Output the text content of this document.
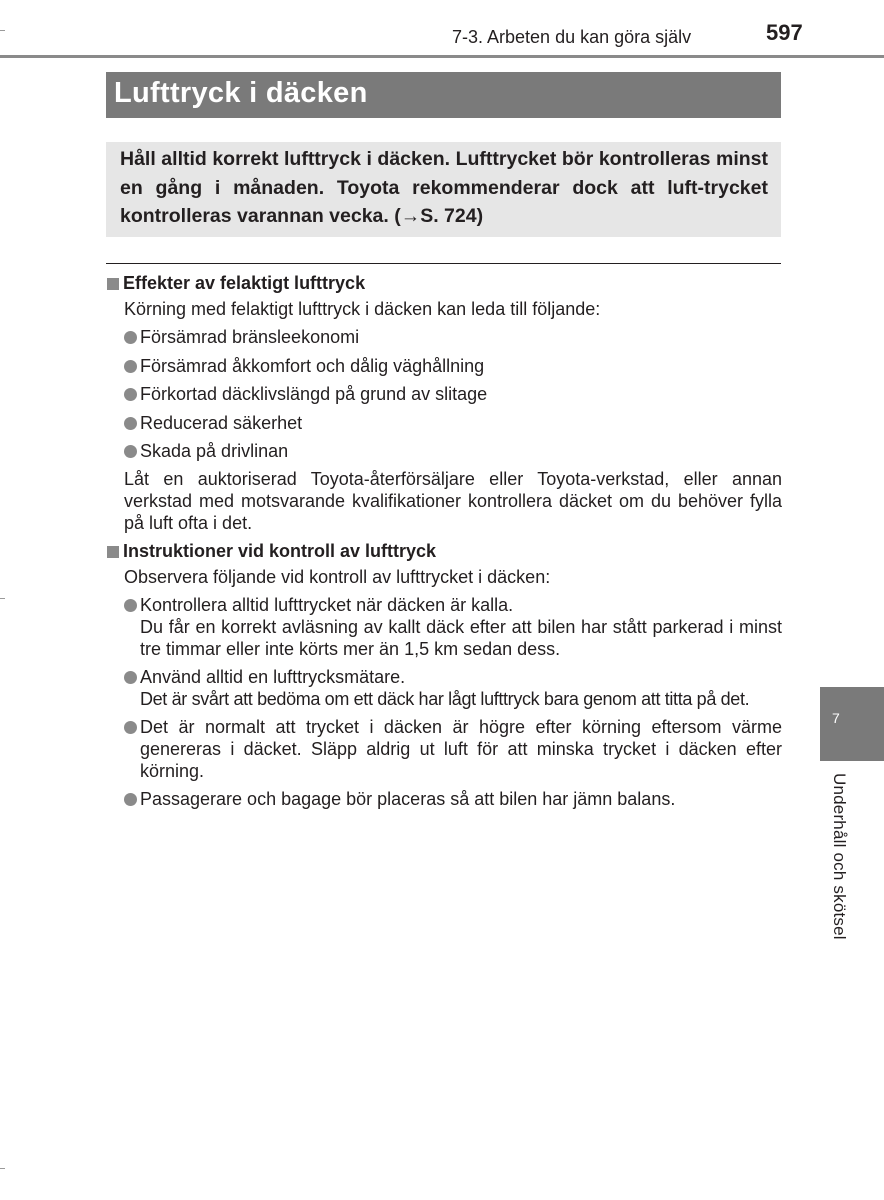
7-3. Arbeten du kan göra själv	597
Lufttryck i däcken
Håll alltid korrekt lufttryck i däcken. Lufttrycket bör kontrolleras minst en gång i månaden. Toyota rekommenderar dock att luft-trycket kontrolleras varannan vecka. (→S. 724)
Effekter av felaktigt lufttryck
Körning med felaktigt lufttryck i däcken kan leda till följande:
Försämrad bränsleekonomi
Försämrad åkkomfort och dålig väghållning
Förkortad däcklivslängd på grund av slitage
Reducerad säkerhet
Skada på drivlinan
Låt en auktoriserad Toyota-återförsäljare eller Toyota-verkstad, eller annan verkstad med motsvarande kvalifikationer kontrollera däcket om du behöver fylla på luft ofta i det.
Instruktioner vid kontroll av lufttryck
Observera följande vid kontroll av lufttrycket i däcken:
Kontrollera alltid lufttrycket när däcken är kalla.
Du får en korrekt avläsning av kallt däck efter att bilen har stått parkerad i minst tre timmar eller inte körts mer än 1,5 km sedan dess.
Använd alltid en lufttrycksmätare.
Det är svårt att bedöma om ett däck har lågt lufttryck bara genom att titta på det.
Det är normalt att trycket i däcken är högre efter körning eftersom värme genereras i däcket. Släpp aldrig ut luft för att minska trycket i däcken efter körning.
Passagerare och bagage bör placeras så att bilen har jämn balans.
7
Underhåll och skötsel
